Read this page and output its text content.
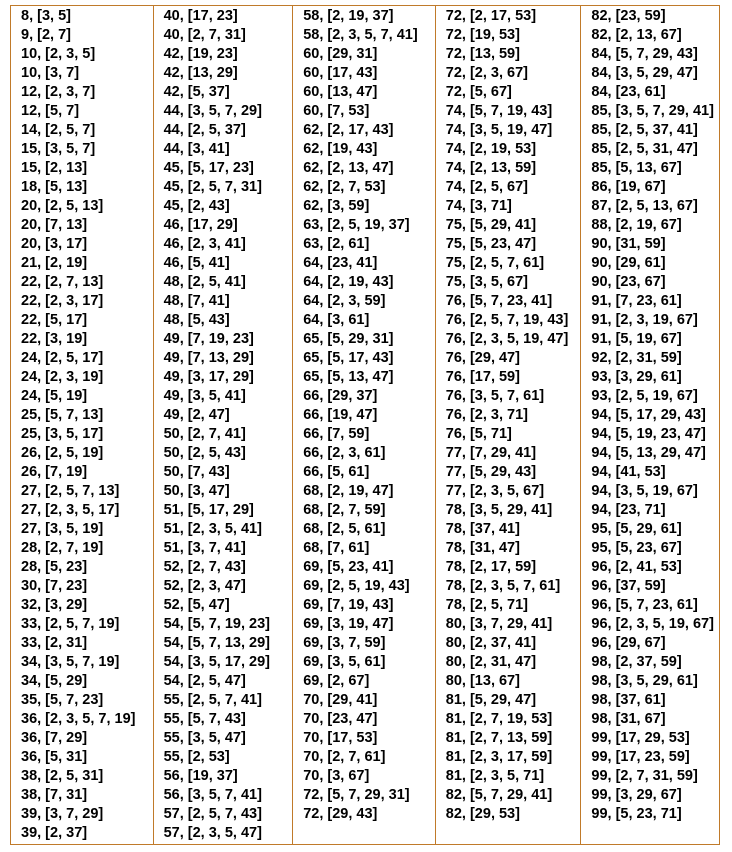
8, [3, 5]
9, [2, 7]
10, [2, 3, 5]
10, [3, 7]
12, [2, 3, 7]
12, [5, 7]
14, [2, 5, 7]
15, [3, 5, 7]
15, [2, 13]
18, [5, 13]
20, [2, 5, 13]
20, [7, 13]
20, [3, 17]
21, [2, 19]
22, [2, 7, 13]
22, [2, 3, 17]
22, [5, 17]
22, [3, 19]
24, [2, 5, 17]
24, [2, 3, 19]
24, [5, 19]
25, [5, 7, 13]
25, [3, 5, 17]
26, [2, 5, 19]
26, [7, 19]
27, [2, 5, 7, 13]
27, [2, 3, 5, 17]
27, [3, 5, 19]
28, [2, 7, 19]
28, [5, 23]
30, [7, 23]
32, [3, 29]
33, [2, 5, 7, 19]
33, [2, 31]
34, [3, 5, 7, 19]
34, [5, 29]
35, [5, 7, 23]
36, [2, 3, 5, 7, 19]
36, [7, 29]
36, [5, 31]
38, [2, 5, 31]
38, [7, 31]
39, [3, 7, 29]
39, [2, 37]
40, [17, 23]
40, [2, 7, 31]
42, [19, 23]
42, [13, 29]
42, [5, 37]
44, [3, 5, 7, 29]
44, [2, 5, 37]
44, [3, 41]
45, [5, 17, 23]
45, [2, 5, 7, 31]
45, [2, 43]
46, [17, 29]
46, [2, 3, 41]
46, [5, 41]
48, [2, 5, 41]
48, [7, 41]
48, [5, 43]
49, [7, 19, 23]
49, [7, 13, 29]
49, [3, 17, 29]
49, [3, 5, 41]
49, [2, 47]
50, [2, 7, 41]
50, [2, 5, 43]
50, [7, 43]
50, [3, 47]
51, [5, 17, 29]
51, [2, 3, 5, 41]
51, [3, 7, 41]
52, [2, 7, 43]
52, [2, 3, 47]
52, [5, 47]
54, [5, 7, 19, 23]
54, [5, 7, 13, 29]
54, [3, 5, 17, 29]
54, [2, 5, 47]
55, [2, 5, 7, 41]
55, [5, 7, 43]
55, [3, 5, 47]
55, [2, 53]
56, [19, 37]
56, [3, 5, 7, 41]
57, [2, 5, 7, 43]
57, [2, 3, 5, 47]
58, [2, 19, 37]
58, [2, 3, 5, 7, 41]
60, [29, 31]
60, [17, 43]
60, [13, 47]
60, [7, 53]
62, [2, 17, 43]
62, [19, 43]
62, [2, 13, 47]
62, [2, 7, 53]
62, [3, 59]
63, [2, 5, 19, 37]
63, [2, 61]
64, [23, 41]
64, [2, 19, 43]
64, [2, 3, 59]
64, [3, 61]
65, [5, 29, 31]
65, [5, 17, 43]
65, [5, 13, 47]
66, [29, 37]
66, [19, 47]
66, [7, 59]
66, [2, 3, 61]
66, [5, 61]
68, [2, 19, 47]
68, [2, 7, 59]
68, [2, 5, 61]
68, [7, 61]
69, [5, 23, 41]
69, [2, 5, 19, 43]
69, [7, 19, 43]
69, [3, 19, 47]
69, [3, 7, 59]
69, [3, 5, 61]
69, [2, 67]
70, [29, 41]
70, [23, 47]
70, [17, 53]
70, [2, 7, 61]
70, [3, 67]
72, [5, 7, 29, 31]
72, [29, 43]
72, [2, 17, 53]
72, [19, 53]
72, [13, 59]
72, [2, 3, 67]
72, [5, 67]
74, [5, 7, 19, 43]
74, [3, 5, 19, 47]
74, [2, 19, 53]
74, [2, 13, 59]
74, [2, 5, 67]
74, [3, 71]
75, [5, 29, 41]
75, [5, 23, 47]
75, [2, 5, 7, 61]
75, [3, 5, 67]
76, [5, 7, 23, 41]
76, [2, 5, 7, 19, 43]
76, [2, 3, 5, 19, 47]
76, [29, 47]
76, [17, 59]
76, [3, 5, 7, 61]
76, [2, 3, 71]
76, [5, 71]
77, [7, 29, 41]
77, [5, 29, 43]
77, [2, 3, 5, 67]
78, [3, 5, 29, 41]
78, [37, 41]
78, [31, 47]
78, [2, 17, 59]
78, [2, 3, 5, 7, 61]
78, [2, 5, 71]
80, [3, 7, 29, 41]
80, [2, 37, 41]
80, [2, 31, 47]
80, [13, 67]
81, [5, 29, 47]
81, [2, 7, 19, 53]
81, [2, 7, 13, 59]
81, [2, 3, 17, 59]
81, [2, 3, 5, 71]
82, [5, 7, 29, 41]
82, [29, 53]
82, [23, 59]
82, [2, 13, 67]
84, [5, 7, 29, 43]
84, [3, 5, 29, 47]
84, [23, 61]
85, [3, 5, 7, 29, 41]
85, [2, 5, 37, 41]
85, [2, 5, 31, 47]
85, [5, 13, 67]
86, [19, 67]
87, [2, 5, 13, 67]
88, [2, 19, 67]
90, [31, 59]
90, [29, 61]
90, [23, 67]
91, [7, 23, 61]
91, [2, 3, 19, 67]
91, [5, 19, 67]
92, [2, 31, 59]
93, [3, 29, 61]
93, [2, 5, 19, 67]
94, [5, 17, 29, 43]
94, [5, 19, 23, 47]
94, [5, 13, 29, 47]
94, [41, 53]
94, [3, 5, 19, 67]
94, [23, 71]
95, [5, 29, 61]
95, [5, 23, 67]
96, [2, 41, 53]
96, [37, 59]
96, [5, 7, 23, 61]
96, [2, 3, 5, 19, 67]
96, [29, 67]
98, [2, 37, 59]
98, [3, 5, 29, 61]
98, [37, 61]
98, [31, 67]
99, [17, 29, 53]
99, [17, 23, 59]
99, [2, 7, 31, 59]
99, [3, 29, 67]
99, [5, 23, 71]
